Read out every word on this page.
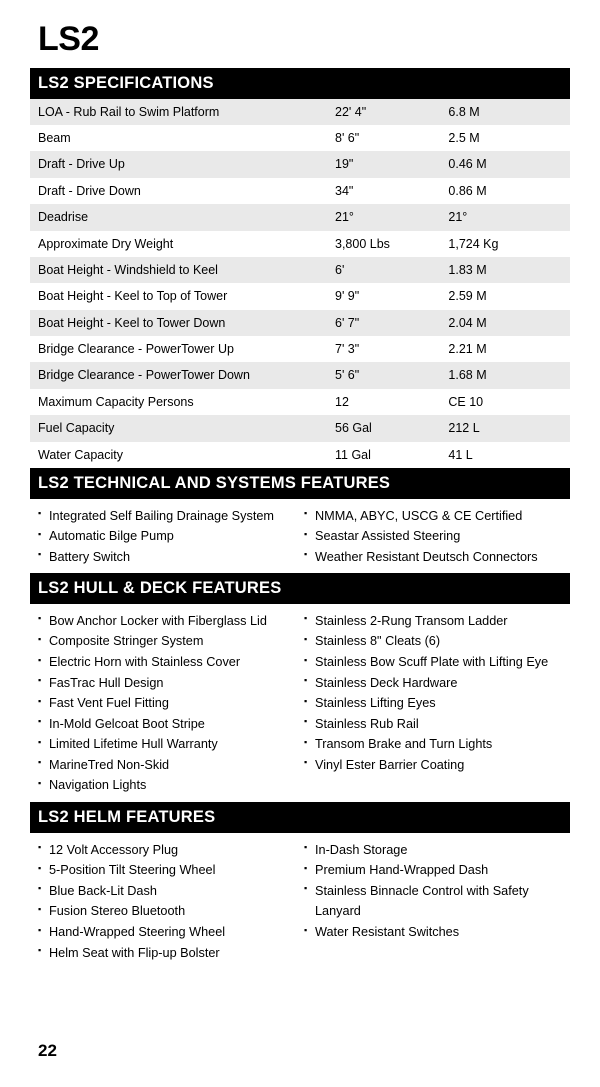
LS2
LS2 SPECIFICATIONS
LOA - Rub Rail to Swim Platform	22' 4"	6.8 M
Beam	8' 6"	2.5 M
Draft - Drive Up	19"	0.46 M
Draft - Drive Down	34"	0.86 M
Deadrise	21°	21°
Approximate Dry Weight	3,800 Lbs	1,724 Kg
Boat Height - Windshield to Keel	6'	1.83 M
Boat Height - Keel to Top of Tower	9' 9"	2.59 M
Boat Height - Keel to Tower Down	6' 7"	2.04 M
Bridge Clearance - PowerTower Up	7' 3"	2.21 M
Bridge Clearance - PowerTower Down	5' 6"	1.68 M
Maximum Capacity Persons	12	CE 10
Fuel Capacity	56 Gal	212 L
Water Capacity	11 Gal	41 L
LS2 TECHNICAL AND SYSTEMS FEATURES
▪ Integrated Self Bailing Drainage System
▪ Automatic Bilge Pump
▪ Battery Switch
▪ NMMA, ABYC, USCG & CE Certified
▪ Seastar Assisted Steering
▪ Weather Resistant Deutsch Connectors
LS2 HULL & DECK FEATURES
▪ Bow Anchor Locker with Fiberglass Lid
▪ Composite Stringer System
▪ Electric Horn with Stainless Cover
▪ FasTrac Hull Design
▪ Fast Vent Fuel Fitting
▪ In-Mold Gelcoat Boot Stripe
▪ Limited Lifetime Hull Warranty
▪ MarineTred Non-Skid
▪ Navigation Lights
▪ Stainless 2-Rung Transom Ladder
▪ Stainless 8" Cleats (6)
▪ Stainless Bow Scuff Plate with Lifting Eye
▪ Stainless Deck Hardware
▪ Stainless Lifting Eyes
▪ Stainless Rub Rail
▪ Transom Brake and Turn Lights
▪ Vinyl Ester Barrier Coating
LS2 HELM FEATURES
▪ 12 Volt Accessory Plug
▪ 5-Position Tilt Steering Wheel
▪ Blue Back-Lit Dash
▪ Fusion Stereo Bluetooth
▪ Hand-Wrapped Steering Wheel
▪ Helm Seat with Flip-up Bolster
▪ In-Dash Storage
▪ Premium Hand-Wrapped Dash
▪ Stainless Binnacle Control with Safety Lanyard
▪ Water Resistant Switches
22
